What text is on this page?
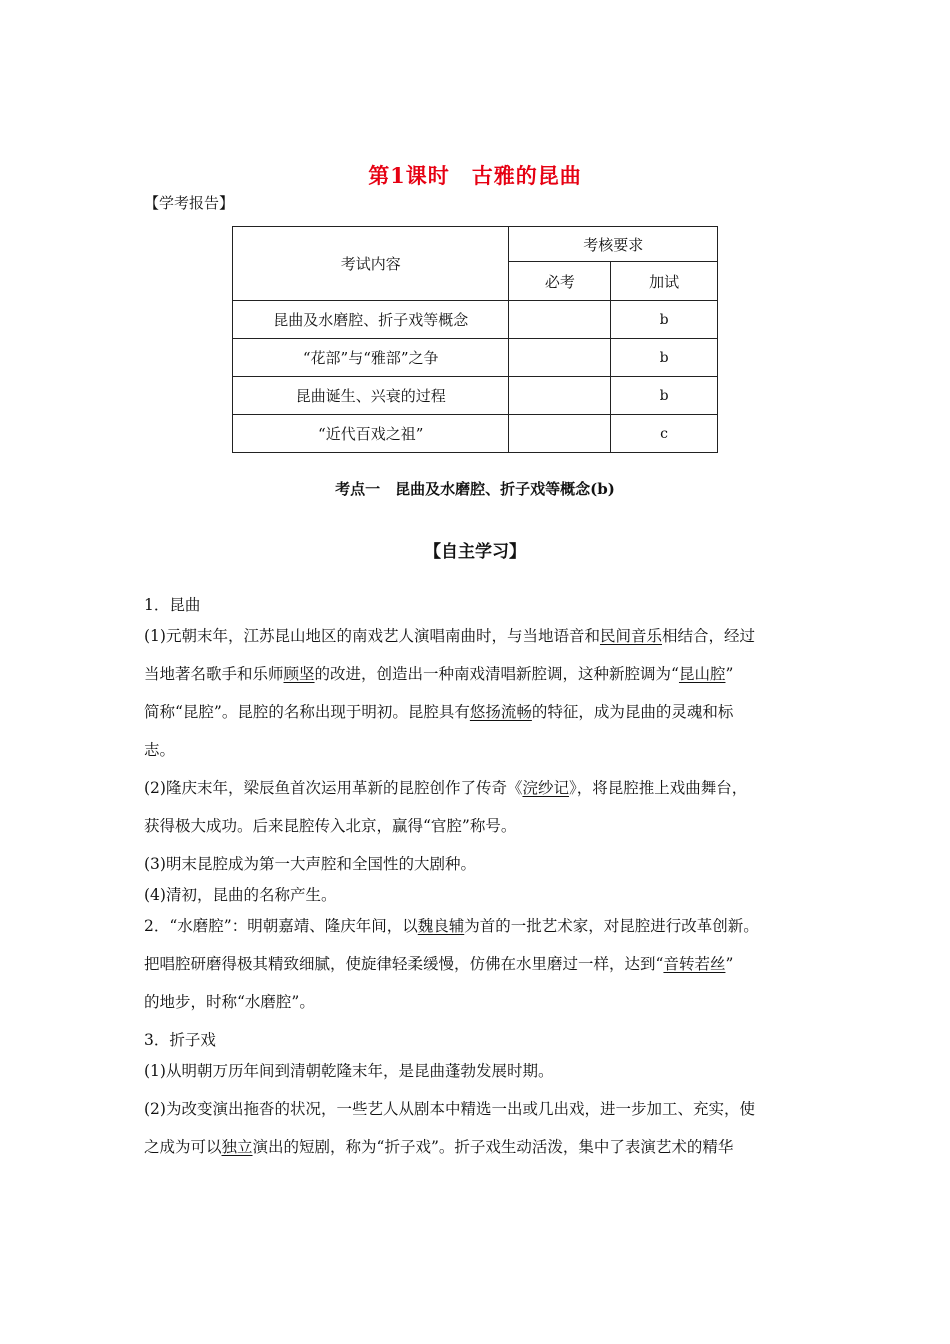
第1课时　古雅的昆曲
【学考报告】
考试内容	考核要求	
	必考	加试
昆曲及水磨腔、折子戏等概念		b
“花部”与“雅部”之争		b
昆曲诞生、兴衰的过程		b
“近代百戏之祖”		c
考点一　昆曲及水磨腔、折子戏等概念(b)
【自主学习】
1．昆曲
(1)元朝末年，江苏昆山地区的南戏艺人演唱南曲时，与当地语音和民间音乐相结合，经过
当地著名歌手和乐师顾坚的改进，创造出一种南戏清唱新腔调，这种新腔调为“昆山腔”
简称“昆腔”。昆腔的名称出现于明初。昆腔具有悠扬流畅的特征，成为昆曲的灵魂和标
志。
(2)隆庆末年，梁辰鱼首次运用革新的昆腔创作了传奇《浣纱记》，将昆腔推上戏曲舞台，
获得极大成功。后来昆腔传入北京，赢得“官腔”称号。
(3)明末昆腔成为第一大声腔和全国性的大剧种。
(4)清初，昆曲的名称产生。
2．“水磨腔”：明朝嘉靖、隆庆年间，以魏良辅为首的一批艺术家，对昆腔进行改革创新。
把唱腔研磨得极其精致细腻，使旋律轻柔缓慢，仿佛在水里磨过一样，达到“音转若丝”
的地步，时称“水磨腔”。
3．折子戏
(1)从明朝万历年间到清朝乾隆末年，是昆曲蓬勃发展时期。
(2)为改变演出拖沓的状况，一些艺人从剧本中精选一出或几出戏，进一步加工、充实，使
之成为可以独立演出的短剧，称为“折子戏”。折子戏生动活泼，集中了表演艺术的精华
